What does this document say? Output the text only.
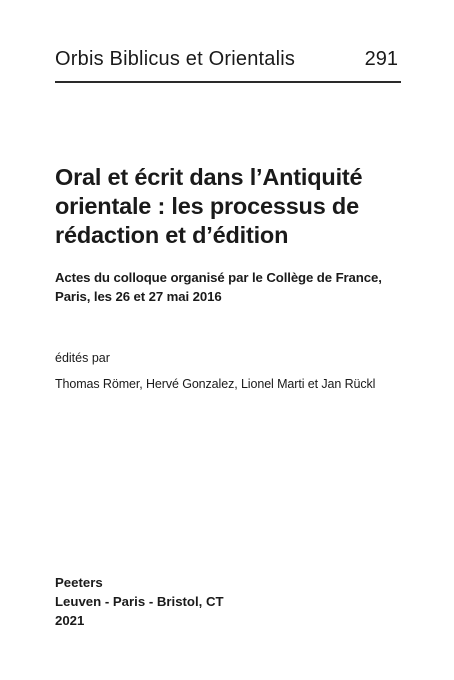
Orbis Biblicus et Orientalis	291
Oral et écrit dans l’Antiquité
orientale : les processus de
rédaction et d’édition
Actes du colloque organisé par le Collège de France,
Paris, les 26 et 27 mai 2016
édités par
Thomas Römer, Hervé Gonzalez, Lionel Marti et Jan Rückl
Peeters
Leuven - Paris - Bristol, CT
2021
